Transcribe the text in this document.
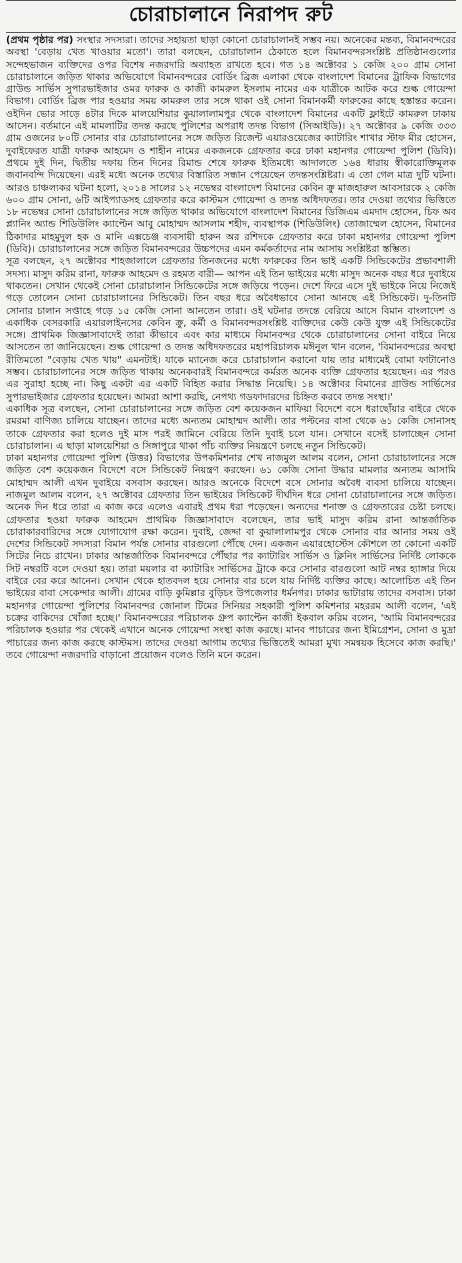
চোরাচালানে নিরাপদ রুট

(প্রথম পৃষ্ঠার পর) সংস্থার সদস্যরা। তাদের সহায়তা ছাড়া কোনো চোরাচালানই সম্ভব নয়। অনেকের মন্তব্য, বিমানবন্দরের অবস্থা 'বেড়ায় খেত খাওয়ার মতো'। তারা বলছেন, চোরাচালান ঠেকাতে হলে বিমানবন্দরসংশ্লিষ্ট প্রতিষ্ঠানগুলোর সন্দেহভাজন ব্যক্তিদের ওপর বিশেষ নজরদারি অব্যাহত রাখতে হবে। গত ১৪ অক্টোবর ১ কেজি ২০০ গ্রাম সোনা চোরাচালানে জড়িত থাকার অভিযোগে বিমানবন্দরের বোর্ডিং ব্রিজ এলাকা থেকে বাংলাদেশ বিমানের ট্রাফিক বিভাগের গ্রাউন্ড সার্ভিস সুপারভাইজার ওমর ফারুক ও কাজী কামরুল ইসলাম নামের এক যাত্রীকে আটক করে শুল্ক গোয়েন্দা বিভাগ। বোর্ডিং ব্রিজ পার হওয়ার সময় কামরুল তার সঙ্গে থাকা ওই সোনা বিমানকর্মী ফারুকের কাছে হস্তান্তর করেন। ওইদিন ভোর সাড়ে ৪টার দিকে মালয়েশিয়ার কুয়ালালামপুর থেকে বাংলাদেশ বিমানের একটি ফ্লাইটে কামরুল ঢাকায় আসেন। বর্তমানে এই মামলাটির তদন্ত করছে পুলিশের অপরাধ তদন্ত বিভাগ (সিআইডি)। ২৭ অক্টোবর ৯ কেজি ৩৩৩ গ্রাম ওজনের ৮০টি সোনার বার চোরাচালানের সঙ্গে জড়িত রিজেন্ট এয়ারওয়েজের ক্যাটারিং শাখার স্টাফ মীর হোসেন, দুবাইফেরত যাত্রী ফারুক আহমেদ ও শাহীন নামের একজনকে গ্রেফতার করে ঢাকা মহানগর গোয়েন্দা পুলিশ (ডিবি)। প্রথমে দুই দিন, দ্বিতীয় দফায় তিন দিনের রিমান্ড শেষে ফারুক ইতিমধ্যে আদালতে ১৬৪ ধারায় স্বীকারোক্তিমূলক জবানবন্দি দিয়েছেন। এরই মধ্যে অনেক তথ্যের বিস্তারিত সন্ধান পেয়েছেন তদন্তসংশ্লিষ্টরা। এ তো গেল মাত্র দুটি ঘটনা। আরও চাঞ্চল্যকর ঘটনা হলো, ২০১৪ সালের ১২ নভেম্বর বাংলাদেশ বিমানের কেবিন ক্রু মাজহারুল আবসারকে ২ কেজি ৬০০ গ্রাম সোনা, ৬টি আইপ্যাডসহ গ্রেফতার করে কাস্টমস গোয়েন্দা ও তদন্ত অধিদফতর। তার দেওয়া তথ্যের ভিত্তিতে ১৮ নভেম্বর সোনা চোরাচালানের সঙ্গে জড়িত থাকার অভিযোগে বাংলাদেশ বিমানের ডিজিএম এমদাদ হোসেন, চিফ অব প্ল্যানিং অ্যান্ড শিডিউলিং ক্যাপ্টেন আবু মোহাম্মদ আসলাম শহীদ, ব্যবস্থাপক (শিডিউলিং) তোজাম্মেল হোসেন, বিমানের ঠিকাদার মাহমুদুল হক ও মানি এক্সচেঞ্জ ব্যবসায়ী হারুন অর রশিদকে গ্রেফতার করে ঢাকা মহানগর গোয়েন্দা পুলিশ (ডিবি)। চোরাচালানের সঙ্গে জড়িত বিমানবন্দরের উচ্চপদের এমন কর্মকর্তাদের নাম আসায় সংশ্লিষ্টরা স্তম্ভিত।

সূত্র বলছেন, ২৭ অক্টোবর শাহজালালে গ্রেফতার তিনজনের মধ্যে ফারুকের তিন ভাই একটি সিন্ডিকেটের প্রভাবশালী সদস্য। মাসুদ করিম রানা, ফারুক আহমেদ ও রহমত বারী— আপন এই তিন ভাইয়ের মধ্যে মাসুদ অনেক বছর ধরে দুবাইয়ে থাকতেন। সেখান থেকেই সোনা চোরাচালান সিন্ডিকেটের সঙ্গে জড়িয়ে পড়েন। দেশে ফিরে এসে দুই ভাইকে নিয়ে নিজেই গড়ে তোলেন সোনা চোরাচালানের সিন্ডিকেট। তিন বছর ধরে অবৈধভাবে সোনা আনছে এই সিন্ডিকেট। দু-তিনটি সোনার চালান সপ্তাহে গড়ে ১৫ কেজি সোনা আনতেন তারা। ওই ঘটনার তদন্তে বেরিয়ে আসে বিমান বাংলাদেশ ও একাধিক বেসরকারি এয়ারলাইনসের কেবিন ক্রু, কর্মী ও বিমানবন্দরসংশ্লিষ্ট ব্যক্তিদের কেউ কেউ যুক্ত এই সিন্ডিকেটের সঙ্গে। প্রাথমিক জিজ্ঞাসাবাদেই তারা কীভাবে এবং কার মাধ্যমে বিমানবন্দর থেকে চোরাচালানের সোনা বাইরে নিয়ে আসতেন তা জানিয়েছেন। শুল্ক গোয়েন্দা ও তদন্ত অধিদফতরের মহাপরিচালক মঈনুল খান বলেন, 'বিমানবন্দরের অবস্থা রীতিমতো "বেড়ায় খেত খায়" এমনটাই। যাকে ম্যানেজ করে চোরাচালান করানো যায় তার মাধ্যমেই বোমা ফাটানোও সম্ভব। চোরাচালানের সঙ্গে জড়িত থাকায় অনেকবারই বিমানবন্দরে কর্মরত অনেক ব্যক্তি গ্রেফতার হয়েছেন। এর পরও এর সুরাহা হচ্ছে না। কিছু একটা এর একটি বিহিত করার সিদ্ধান্ত নিয়েছি। ১৪ অক্টোবর বিমানের গ্রাউন্ড সার্ভিসের সুপারভাইজার গ্রেফতার হয়েছেন। আমরা আশা করছি, নেপথ্য গডফাদারদের চিহ্নিত করবে তদন্ত সংস্থা।'

একাধিক সূত্র বলছেন, সোনা চোরাচালানের সঙ্গে জড়িত বেশ কয়েকজন মাফিয়া বিদেশে বসে ধরাছোঁয়ার বাইরে থেকে রমরমা বাণিজ্য চালিয়ে যাচ্ছেন। তাদের মধ্যে অন্যতম মোহাম্মদ আলী। তার পল্টনের বাসা থেকে ৬১ কেজি সোনাসহ তাকে গ্রেফতার করা হলেও দুই মাস পরই জামিনে বেরিয়ে তিনি দুবাই চলে যান। সেখানে বসেই চালাচ্ছেন সোনা চোরাচালান। এ ছাড়া মালয়েশিয়া ও সিঙ্গাপুরে থাকা পাঁচ ব্যক্তির নিয়ন্ত্রণে চলছে নতুন সিন্ডিকেট।

ঢাকা মহানগর গোয়েন্দা পুলিশ (উত্তর) বিভাগের উপকমিশনার শেখ নাজমুল আলম বলেন, সোনা চোরাচালানের সঙ্গে জড়িত বেশ কয়েকজন বিদেশে বসে সিন্ডিকেট নিয়ন্ত্রণ করছেন। ৬১ কেজি সোনা উদ্ধার মামলার অন্যতম আসামি মোহাম্মদ আলী এখন দুবাইয়ে বসবাস করছেন। আরও অনেকে বিদেশে বসে সোনার অবৈধ ব্যবসা চালিয়ে যাচ্ছেন। নাজমুল আলম বলেন, ২৭ অক্টোবর গ্রেফতার তিন ভাইয়ের সিন্ডিকেট দীর্ঘদিন ধরে সোনা চোরাচালানের সঙ্গে জড়িত। অনেক দিন ধরে তারা এ কাজ করে এলেও এবারই প্রথম ধরা পড়েছেন। অন্যদের শনাক্ত ও গ্রেফতারের চেষ্টা চলছে। গ্রেফতার হওয়া ফারুক আহমেদ প্রাথমিক জিজ্ঞাসাবাদে বলেছেন, তার ভাই মাসুদ করিম রানা আন্তর্জাতিক চোরাকারবারিদের সঙ্গে যোগাযোগ রক্ষা করেন। দুবাই, জেদ্দা বা কুয়ালালামপুর থেকে সোনার বার আনার সময় ওই দেশের সিন্ডিকেট সদস্যরা বিমান পর্যন্ত সোনার বারগুলো পৌঁছে দেন। একজন এয়ারহোস্টেস কৌশলে তা কোনো একটি সিটের নিচে রাখেন। ঢাকার আন্তর্জাতিক বিমানবন্দরে পৌঁছার পর ক্যাটারিং সার্ভিস ও ক্লিনিং সার্ভিসের নির্দিষ্ট লোককে সিট নম্বরটি বলে দেওয়া হয়। তারা ময়লার বা ক্যাটারিং সার্ভিসের ট্রাকে করে সোনার বারগুলো আট নম্বর হ্যাঙ্গার দিয়ে বাইরে বের করে আনেন। সেখান থেকে হাতবদল হয়ে সোনার বার চলে যায় নির্দিষ্ট ব্যক্তির কাছে। আলোচিত এই তিন ভাইয়ের বাবা সেকেন্দার আলী। গ্রামের বাড়ি কুমিল্লার বুড়িচং উপজেলার ধর্মনগর। ঢাকার ভাটারায় তাদের বসবাস। ঢাকা মহানগর গোয়েন্দা পুলিশের বিমানবন্দর জোনাল টিমের সিনিয়র সহকারী পুলিশ কমিশনার মহররম আলী বলেন, 'এই চক্রের বাকিদের খোঁজা হচ্ছে।' বিমানবন্দরের পরিচালক গ্রুপ ক্যাপ্টেন কাজী ইকবাল করিম বলেন, 'আমি বিমানবন্দরের পরিচালক হওয়ার পর থেকেই এখানে অনেক গোয়েন্দা সংস্থা কাজ করছে। মানব পাচারের জন্য ইমিগ্রেশন, সোনা ও মুদ্রা পাচারের জন্য কাজ করছে কাস্টমস। তাদের দেওয়া আগাম তথ্যের ভিত্তিতেই আমরা মুখ্য সমন্বয়ক হিসেবে কাজ করছি।' তবে গোয়েন্দা নজরদারি বাড়ানো প্রয়োজন বলেও তিনি মনে করেন।
